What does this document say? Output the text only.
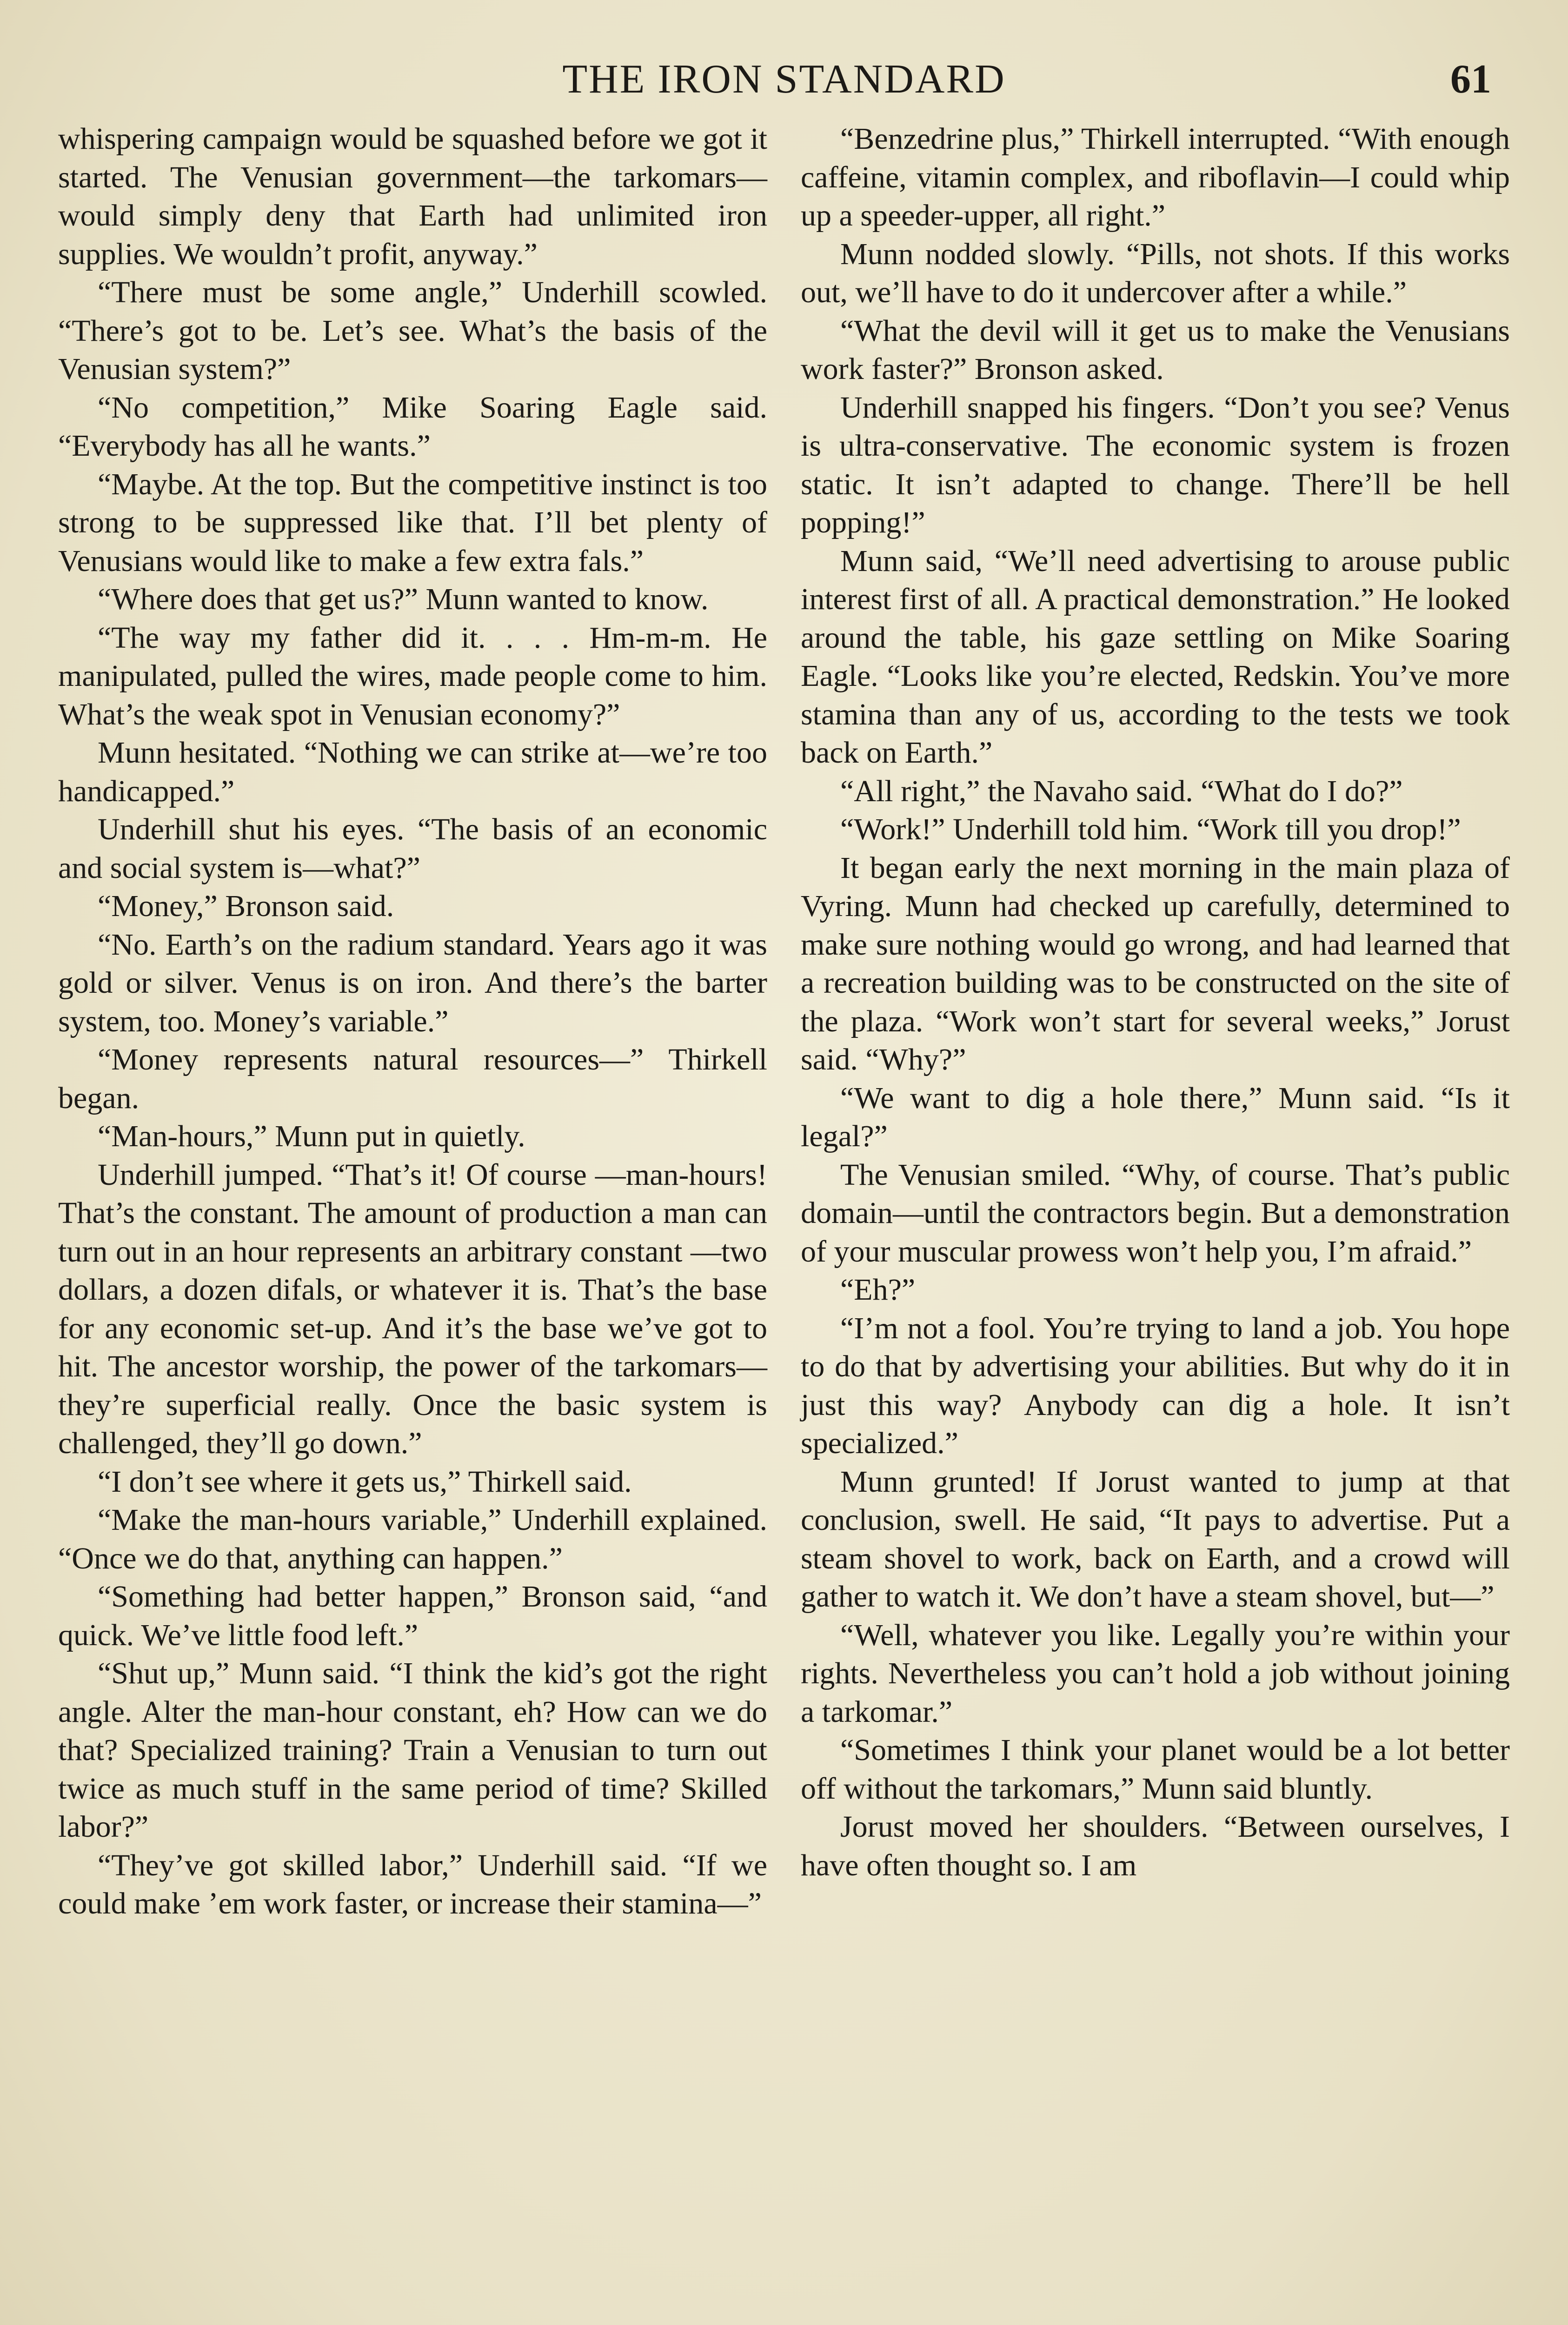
THE IRON STANDARD	61

whispering campaign would be squashed before we got it started. The Venusian government—the tarkomars—would simply deny that Earth had unlimited iron supplies. We wouldn’t profit, anyway.”

“There must be some angle,” Underhill scowled. “There’s got to be. Let’s see. What’s the basis of the Venusian system?”

“No competition,” Mike Soaring Eagle said. “Everybody has all he wants.”

“Maybe. At the top. But the competitive instinct is too strong to be suppressed like that. I’ll bet plenty of Venusians would like to make a few extra fals.”

“Where does that get us?” Munn wanted to know.

“The way my father did it. . . . Hm-m-m. He manipulated, pulled the wires, made people come to him. What’s the weak spot in Venusian economy?”

Munn hesitated. “Nothing we can strike at—we’re too handicapped.”

Underhill shut his eyes. “The basis of an economic and social system is—what?”

“Money,” Bronson said.

“No. Earth’s on the radium standard. Years ago it was gold or silver. Venus is on iron. And there’s the barter system, too. Money’s variable.”

“Money represents natural resources—” Thirkell began.

“Man-hours,” Munn put in quietly.

Underhill jumped. “That’s it! Of course —man-hours! That’s the constant. The amount of production a man can turn out in an hour represents an arbitrary constant —two dollars, a dozen difals, or whatever it is. That’s the base for any economic set-up. And it’s the base we’ve got to hit. The ancestor worship, the power of the tarkomars—they’re superficial really. Once the basic system is challenged, they’ll go down.”

“I don’t see where it gets us,” Thirkell said.

“Make the man-hours variable,” Underhill explained. “Once we do that, anything can happen.”

“Something had better happen,” Bronson said, “and quick. We’ve little food left.”

“Shut up,” Munn said. “I think the kid’s got the right angle. Alter the man-hour constant, eh? How can we do that? Specialized training? Train a Venusian to turn out twice as much stuff in the same period of time? Skilled labor?”

“They’ve got skilled labor,” Underhill said. “If we could make ’em work faster, or increase their stamina—”

“Benzedrine plus,” Thirkell interrupted. “With enough caffeine, vitamin complex, and riboflavin—I could whip up a speeder-upper, all right.”

Munn nodded slowly. “Pills, not shots. If this works out, we’ll have to do it undercover after a while.”

“What the devil will it get us to make the Venusians work faster?” Bronson asked.

Underhill snapped his fingers. “Don’t you see? Venus is ultra-conservative. The economic system is frozen static. It isn’t adapted to change. There’ll be hell popping!”

Munn said, “We’ll need advertising to arouse public interest first of all. A practical demonstration.” He looked around the table, his gaze settling on Mike Soaring Eagle. “Looks like you’re elected, Redskin. You’ve more stamina than any of us, according to the tests we took back on Earth.”

“All right,” the Navaho said. “What do I do?”

“Work!” Underhill told him. “Work till you drop!”

It began early the next morning in the main plaza of Vyring. Munn had checked up carefully, determined to make sure nothing would go wrong, and had learned that a recreation building was to be constructed on the site of the plaza. “Work won’t start for several weeks,” Jorust said. “Why?”

“We want to dig a hole there,” Munn said. “Is it legal?”

The Venusian smiled. “Why, of course. That’s public domain—until the contractors begin. But a demonstration of your muscular prowess won’t help you, I’m afraid.”

“Eh?”

“I’m not a fool. You’re trying to land a job. You hope to do that by advertising your abilities. But why do it in just this way? Anybody can dig a hole. It isn’t specialized.”

Munn grunted! If Jorust wanted to jump at that conclusion, swell. He said, “It pays to advertise. Put a steam shovel to work, back on Earth, and a crowd will gather to watch it. We don’t have a steam shovel, but—”

“Well, whatever you like. Legally you’re within your rights. Nevertheless you can’t hold a job without joining a tarkomar.”

“Sometimes I think your planet would be a lot better off without the tarkomars,” Munn said bluntly.

Jorust moved her shoulders. “Between ourselves, I have often thought so. I am
